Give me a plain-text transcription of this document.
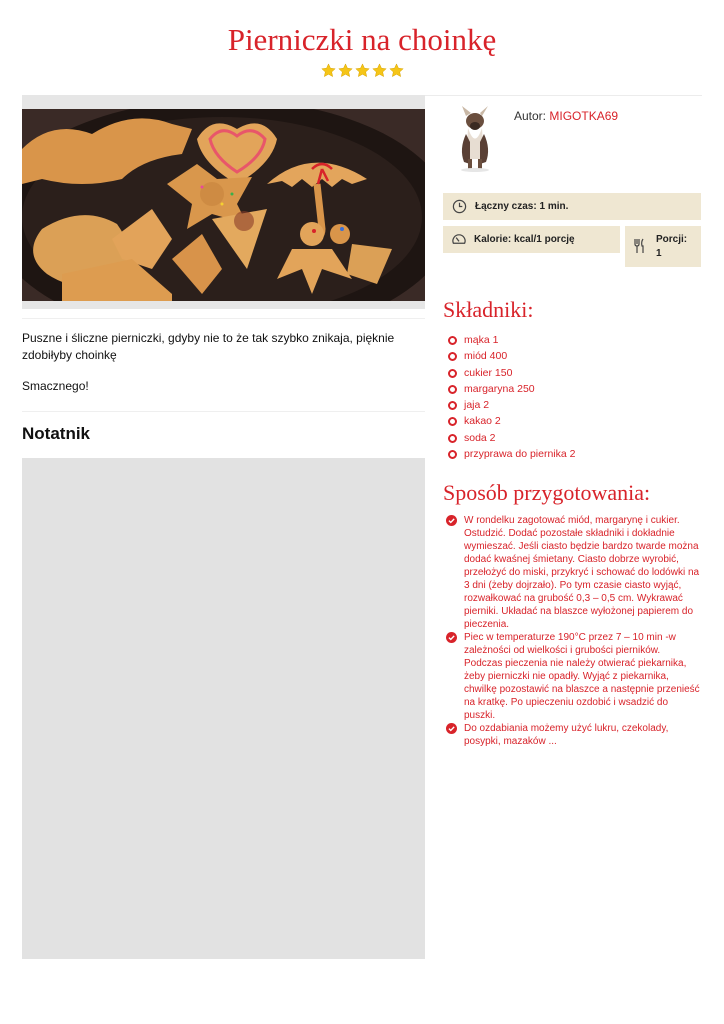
Pierniczki na choinkę

Puszne i śliczne pierniczki, gdyby nie to że tak szybko znikaja, pięknie zdobiłyby choinkę

Smacznego!

Notatnik
Autor: MIGOTKA69
Łączny czas: 1 min.
Kalorie: kcal/1 porcję	Porcji:
1
Składniki:
mąka 1
miód 400
cukier 150
margaryna 250
jaja 2
kakao 2
soda 2
przyprawa do piernika 2
Sposób przygotowania:
W rondelku zagotować miód, margarynę i cukier. Ostudzić. Dodać pozostałe składniki i dokładnie wymieszać. Jeśli ciasto będzie bardzo twarde można dodać kwaśnej śmietany. Ciasto dobrze wyrobić, przełożyć do miski, przykryć i schować do lodówki na 3 dni (żeby dojrzało). Po tym czasie ciasto wyjąć, rozwałkować na grubość 0,3 – 0,5 cm. Wykrawać pierniki. Układać na blaszce wyłożonej papierem do pieczenia.
Piec w temperaturze 190°C przez 7 – 10 min -w zależności od wielkości i grubości pierników. Podczas pieczenia nie należy otwierać piekarnika, żeby pierniczki nie opadły. Wyjąć z piekarnika, chwilkę pozostawić na blaszce a następnie przenieść na kratkę. Po upieczeniu ozdobić i wsadzić do puszki.
Do ozdabiania możemy użyć lukru, czekolady, posypki, mazaków ...
